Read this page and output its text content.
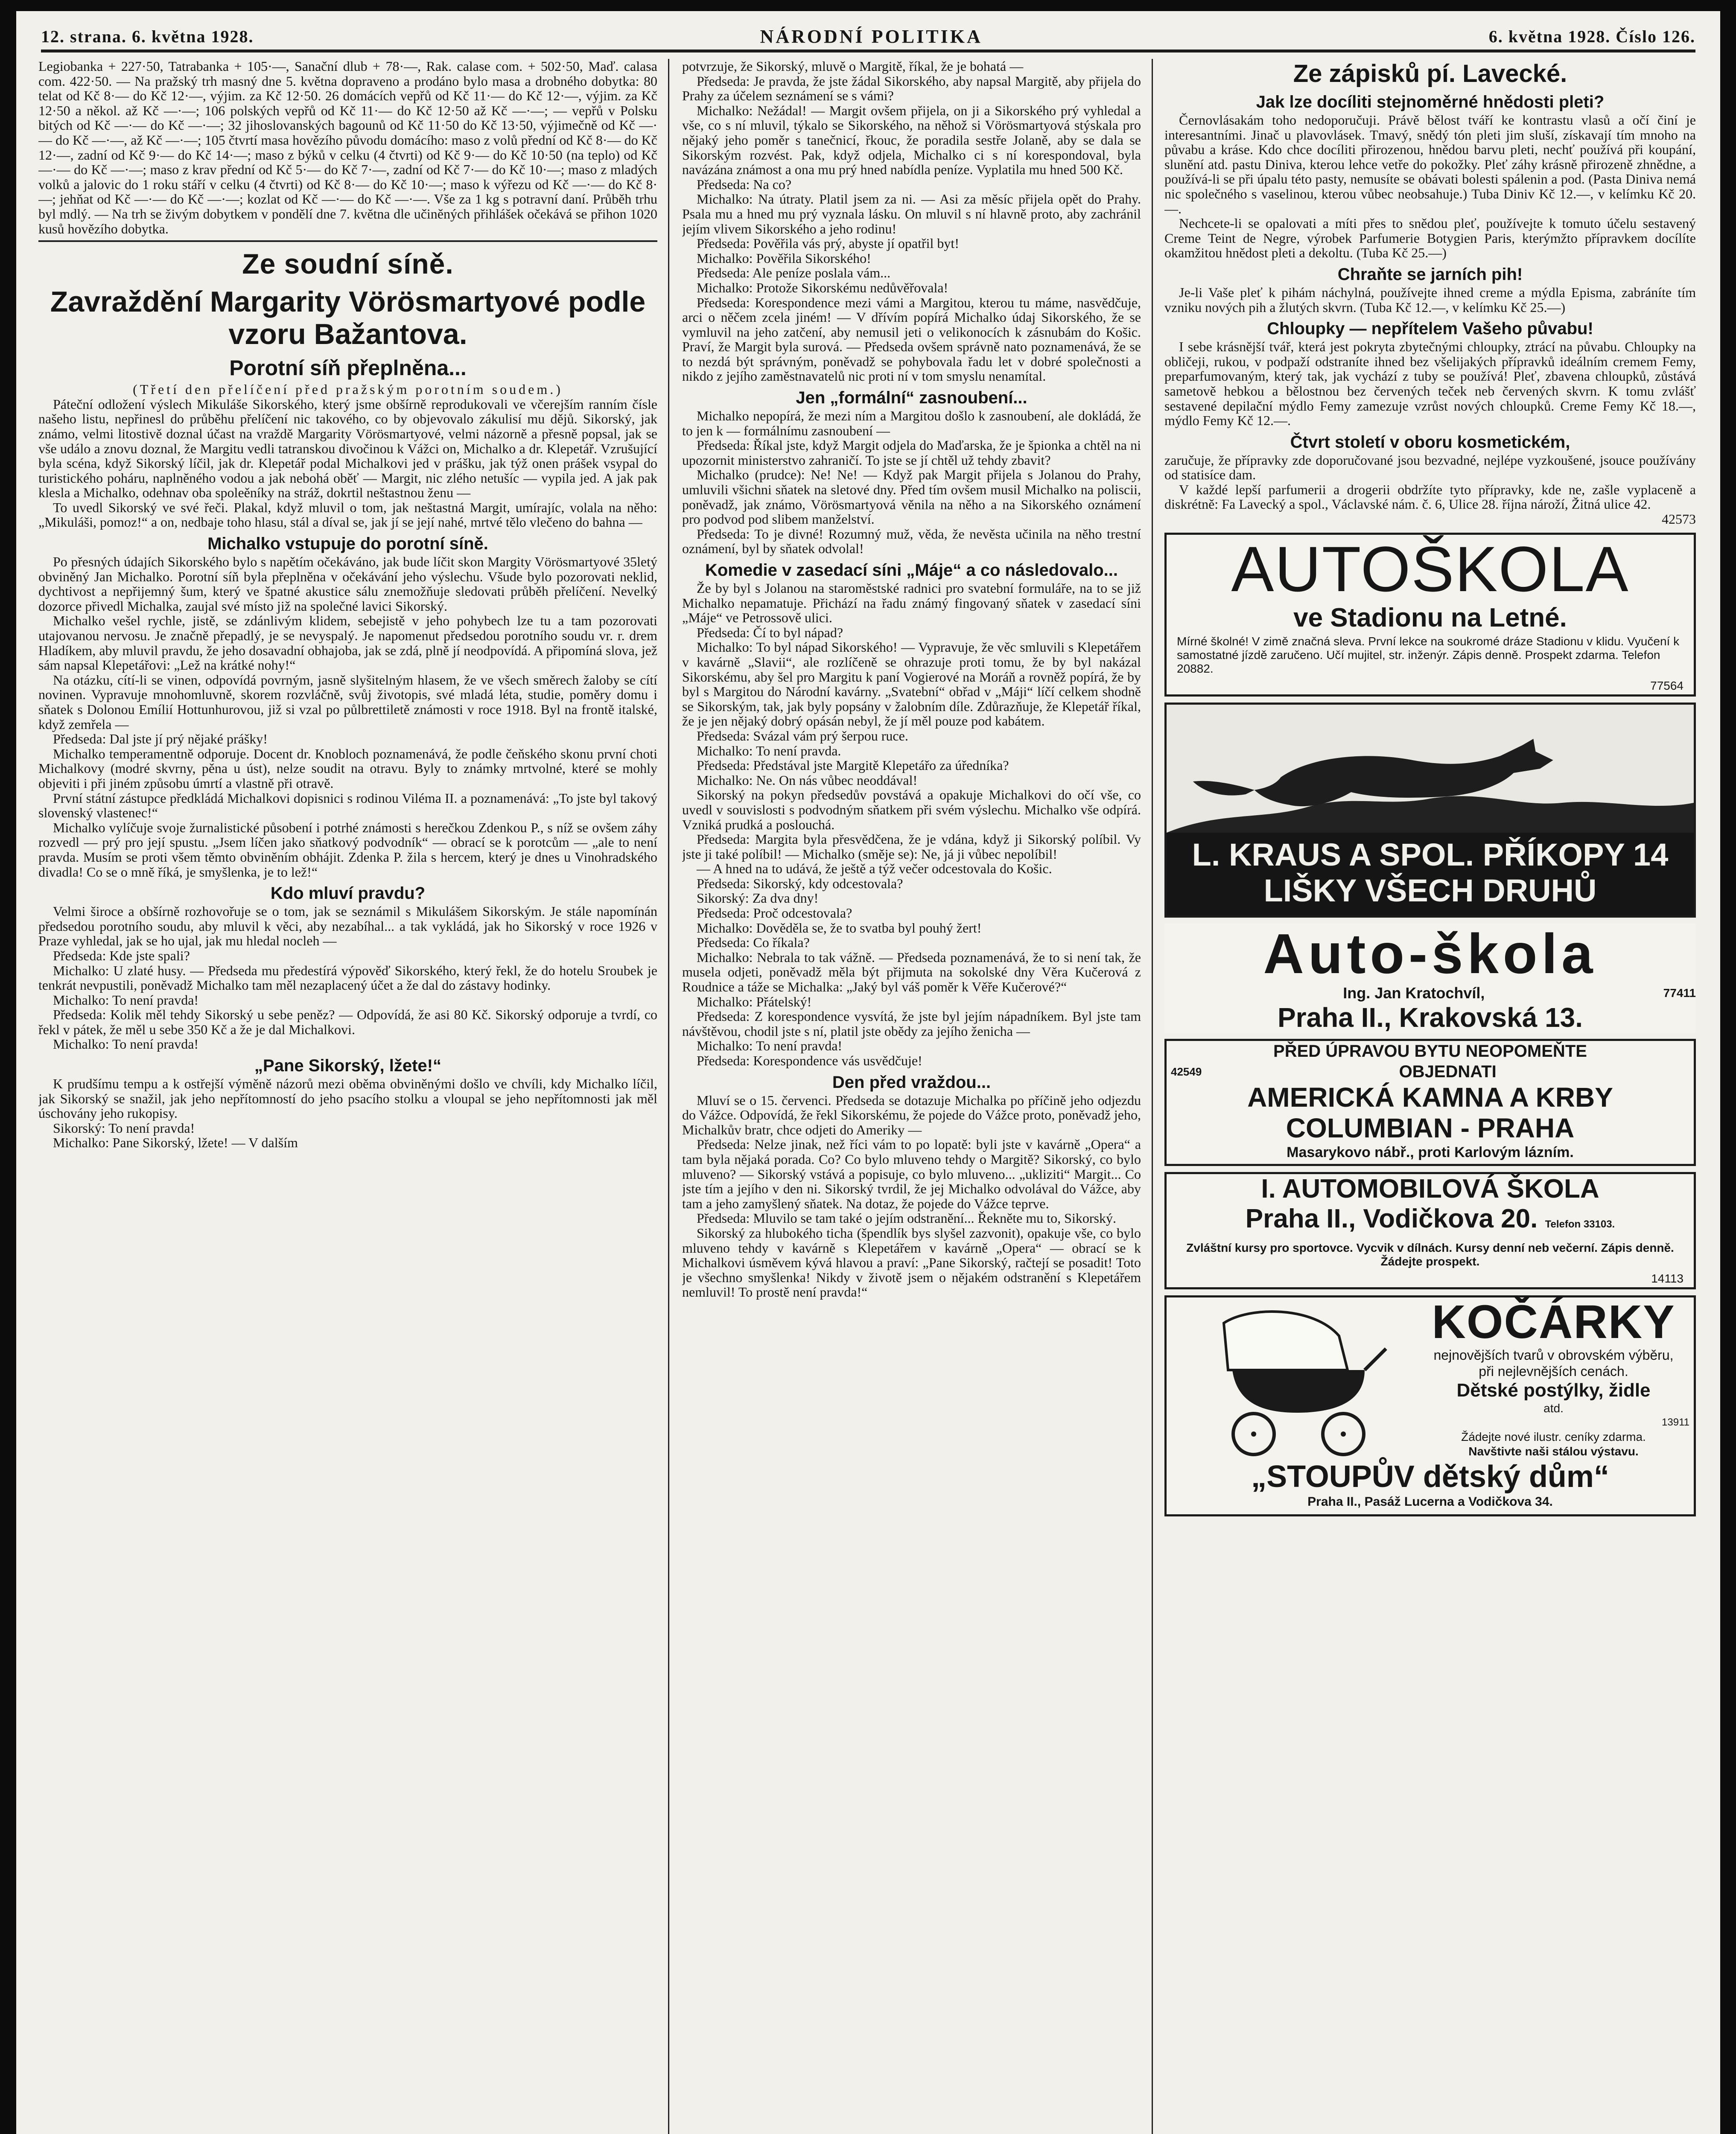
12. strana. 6. května 1928.	NÁRODNÍ POLITIKA	6. května 1928. Číslo 126.

Legiobanka + 227·50, Tatrabanka + 105·—, Sanační dlub + 78·—, Rak. calase com. + 502·50, Maď. calasa com. 422·50. — Na pražský trh masný dne 5. května dopraveno a prodáno bylo masa a drobného dobytka: 80 telat od Kč 8·— do Kč 12·—, výjim. za Kč 12·50. 26 domácích vepřů od Kč 11·— do Kč 12·—, výjim. za Kč 12·50 a někol. až Kč —·—; 106 polských vepřů od Kč 11·— do Kč 12·50 až Kč —·—; — vepřů v Polsku bitých od Kč —·— do Kč —·—; 32 jihoslovanských bagounů od Kč 11·50 do Kč 13·50, výjimečně od Kč —·— do Kč —·—, až Kč —·—; 105 čtvrtí masa hovězího původu domácího: maso z volů přední od Kč 8·— do Kč 12·—, zadní od Kč 9·— do Kč 14·—; maso z býků v celku (4 čtvrti) od Kč 9·— do Kč 10·50 (na teplo) od Kč —·— do Kč —·—; maso z krav přední od Kč 5·— do Kč 7·—, zadní od Kč 7·— do Kč 10·—; maso z mladých volků a jalovic do 1 roku stáří v celku (4 čtvrti) od Kč 8·— do Kč 10·—; maso k výřezu od Kč —·— do Kč 8·—; jehňat od Kč —·— do Kč —·—; kozlat od Kč —·— do Kč —·—. Vše za 1 kg s potravní daní. Průběh trhu byl mdlý. — Na trh se živým dobytkem v pondělí dne 7. května dle učiněných přihlášek očekává se přihon 1020 kusů hovězího dobytka.

Ze soudní síně.
Zavraždění Margarity Vörösmartyové podle vzoru Bažantova.
Porotní síň přeplněna...

(Třetí den přelíčení před pražským porotním soudem.)

Páteční odložení výslech Mikuláše Sikorského, který jsme obšírně reprodukovali ve včerejším ranním čísle našeho listu, nepřinesl do průběhu přelíčení nic takového, co by objevovalo zákulisí mu dějů. Sikorský, jak známo, velmi litostivě doznal účast na vraždě Margarity Vörösmartyové, velmi názorně a přesně popsal, jak se vše událo a znovu doznal, že Margitu vedli tatranskou divočinou k Vážci on, Michalko a dr. Klepetář. Vzrušující byla scéna, když Sikorský líčil, jak dr. Klepetář podal Michalkovi jed v prášku, jak týž onen prášek vsypal do turistického poháru, naplněného vodou a jak nebohá oběť — Margit, nic zlého netušíc — vypila jed. A jak pak klesla a Michalko, odehnav oba spoleěníky na stráž, dokrtil neštastnou ženu —

To uvedl Sikorský ve své řeči. Plakal, když mluvil o tom, jak neštastná Margit, umírajíc, volala na něho: „Mikuláši, pomoz!“ a on, nedbaje toho hlasu, stál a díval se, jak jí se její nahé, mrtvé tělo vlečeno do bahna —

Michalko vstupuje do porotní síně.

Po přesných údajích Sikorského bylo s napětím očekáváno, jak bude líčit skon Margity Vörösmartyové 35letý obviněný Jan Michalko. Porotní síň byla přeplněna v očekávání jeho výslechu. Všude bylo pozorovati neklid, dychtivost a nepřijemný šum, který ve špatné akustice sálu znemožňuje sledovati průběh přelíčení. Nevelký dozorce přivedl Michalka, zaujal své místo již na společné lavici Sikorský.

Michalko vešel rychle, jistě, se zdánlivým klidem, sebejistě v jeho pohybech lze tu a tam pozorovati utajovanou nervosu. Je značně přepadlý, je se nevyspalý. Je napomenut předsedou porotního soudu vr. r. drem Hladíkem, aby mluvil pravdu, že jeho dosavadní obhajoba, jak se zdá, plně jí neodpovídá. A připomíná slova, jež sám napsal Klepetářovi: „Lež na krátké nohy!“

Na otázku, cítí-li se vinen, odpovídá povrným, jasně slyšitelným hlasem, že ve všech směrech žaloby se cítí novinen. Vypravuje mnohomluvně, skorem rozvláčně, svůj životopis, své mladá léta, studie, poměry domu i sňatek s Dolonou Emílií Hottunhurovou, již si vzal po půlbrettiletě známosti v roce 1918. Byl na frontě italské, když zemřela —

Předseda: Dal jste jí prý nějaké prášky!

Michalko temperamentně odporuje. Docent dr. Knobloch poznamenává, že podle čeňského skonu první choti Michalkovy (modré skvrny, pěna u úst), nelze soudit na otravu. Byly to známky mrtvolné, které se mohly objeviti i při jiném způsobu úmrtí a vlastně při otravě.

První státní zástupce předkládá Michalkovi dopisnici s rodinou Viléma II. a poznamenává: „To jste byl takový slovenský vlastenec!“

Michalko vylíčuje svoje žurnalistické působení i potrhé známosti s herečkou Zdenkou P., s níž se ovšem záhy rozvedl — prý pro její spustu. „Jsem líčen jako sňatkový podvodník“ — obrací se k porotcům — „ale to není pravda. Musím se proti všem těmto obviněním obhájit. Zdenka P. žila s hercem, který je dnes u Vinohradského divadla! Co se o mně říká, je smyšlenka, je to lež!“

Kdo mluví pravdu?

Velmi široce a obšírně rozhovořuje se o tom, jak se seznámil s Mikulášem Sikorským. Je stále napomínán předsedou porotního soudu, aby mluvil k věci, aby nezabíhal... a tak vykládá, jak ho Sikorský v roce 1926 v Praze vyhledal, jak se ho ujal, jak mu hledal nocleh —

Předseda: Kde jste spali?

Michalko: U zlaté husy. — Předseda mu předestírá výpověď Sikorského, který řekl, že do hotelu Sroubek je tenkrát nevpustili, poněvadž Michalko tam měl nezaplacený účet a že dal do zástavy hodinky.

Michalko: To není pravda!

Předseda: Kolik měl tehdy Sikorský u sebe peněz? — Odpovídá, že asi 80 Kč. Sikorský odporuje a tvrdí, co řekl v pátek, že měl u sebe 350 Kč a že je dal Michalkovi.

Michalko: To není pravda!

„Pane Sikorský, lžete!“

K prudšímu tempu a k ostřejší výměně názorů mezi oběma obviněnými došlo ve chvíli, kdy Michalko líčil, jak Sikorský se snažil, jak jeho nepřítomností do jeho psacího stolku a vloupal se jeho nepřítomnosti jak měl úschovány jeho rukopisy.

Sikorský: To není pravda!

Michalko: Pane Sikorský, lžete! — V dalším

potvrzuje, že Sikorský, mluvě o Margitě, říkal, že je bohatá —

Předseda: Je pravda, že jste žádal Sikorského, aby napsal Margitě, aby přijela do Prahy za účelem seznámení se s vámi?

Michalko: Nežádal! — Margit ovšem přijela, on ji a Sikorského prý vyhledal a vše, co s ní mluvil, týkalo se Sikorského, na něhož si Vörösmartyová stýskala pro nějaký jeho poměr s tanečnicí, řkouc, že poradila sestře Jolaně, aby se dala se Sikorským rozvést. Pak, když odjela, Michalko ci s ní korespondoval, byla navázána známost a ona mu prý hned nabídla peníze. Vyplatila mu hned 500 Kč.

Předseda: Na co?

Michalko: Na útraty. Platil jsem za ni. — Asi za měsíc přijela opět do Prahy. Psala mu a hned mu prý vyznala lásku. On mluvil s ní hlavně proto, aby zachránil jejím vlivem Sikorského a jeho rodinu!

Předseda: Pověřila vás prý, abyste jí opatřil byt!

Michalko: Pověřila Sikorského!

Předseda: Ale peníze poslala vám...

Michalko: Protože Sikorskému nedůvěřovala!

Předseda: Korespondence mezi vámi a Margitou, kterou tu máme, nasvědčuje, arci o něčem zcela jiném! — V dřívím popírá Michalko údaj Sikorského, že se vymluvil na jeho zatčení, aby nemusil jeti o velikonocích k zásnubám do Košic. Praví, že Margit byla surová. — Předseda ovšem správně nato poznamenává, že se to nezdá být správným, poněvadž se pohybovala řadu let v dobré společnosti a nikdo z jejího zaměstnavatelů nic proti ní v tom smyslu nenamítal.

Jen „formální“ zasnoubení...

Michalko nepopírá, že mezi ním a Margitou došlo k zasnoubení, ale dokládá, že to jen k — formálnímu zasnoubení —

Předseda: Říkal jste, když Margit odjela do Maďarska, že je špionka a chtěl na ni upozornit ministerstvo zahraničí. To jste se jí chtěl už tehdy zbavit?

Michalko (prudce): Ne! Ne! — Když pak Margit přijela s Jolanou do Prahy, umluvili všichni sňatek na sletové dny. Před tím ovšem musil Michalko na poliscii, poněvadž, jak známo, Vörösmartyová věnila na něho a na Sikorského oznámení pro podvod pod slibem manželství.

Předseda: To je divné! Rozumný muž, věda, že nevěsta učinila na něho trestní oznámení, byl by sňatek odvolal!

Komedie v zasedací síni „Máje“ a co následovalo...

Že by byl s Jolanou na staroměstské radnici pro svatební formuláře, na to se již Michalko nepamatuje. Přichází na řadu známý fingovaný sňatek v zasedací síni „Máje“ ve Petrossově ulici.

Předseda: Čí to byl nápad?

Michalko: To byl nápad Sikorského! — Vypravuje, že věc smluvili s Klepetářem v kavárně „Slavii“, ale rozlíčeně se ohrazuje proti tomu, že by byl nakázal Sikorskému, aby šel pro Margitu k paní Vogierové na Moráň a rovněž popírá, že by byl s Margitou do Národní kavárny. „Svatební“ obřad v „Máji“ líčí celkem shodně se Sikorským, tak, jak byly popsány v žalobním díle. Zdůrazňuje, že Klepetář říkal, že je jen nějaký dobrý opásán nebyl, že jí měl pouze pod kabátem.

Předseda: Svázal vám prý šerpou ruce.

Michalko: To není pravda.

Předseda: Předstával jste Margitě Klepetářo za úředníka?

Michalko: Ne. On nás vůbec neoddával!

Sikorský na pokyn předsedův povstává a opakuje Michalkovi do očí vše, co uvedl v souvislosti s podvodným sňatkem při svém výslechu. Michalko vše odpírá. Vzniká prudká a poslouchá.

Předseda: Margita byla přesvědčena, že je vdána, když ji Sikorský políbil. Vy jste ji také políbil! — Michalko (směje se): Ne, já ji vůbec nepolíbil!

— A hned na to udává, že ještě a týž večer odcestovala do Košic.

Předseda: Sikorský, kdy odcestovala?

Sikorský: Za dva dny!

Předseda: Proč odcestovala?

Michalko: Dověděla se, že to svatba byl pouhý žert!

Předseda: Co říkala?

Michalko: Nebrala to tak vážně. — Předseda poznamenává, že to si není tak, že musela odjeti, poněvadž měla být přijmuta na sokolské dny Věra Kučerová z Roudnice a táže se Michalka: „Jaký byl váš poměr k Věře Kučerové?“

Michalko: Přátelský!

Předseda: Z korespondence vysvítá, že jste byl jejím nápadníkem. Byl jste tam návštěvou, chodil jste s ní, platil jste obědy za jejího ženicha —

Michalko: To není pravda!

Předseda: Korespondence vás usvědčuje!

Den před vraždou...

Mluví se o 15. červenci. Předseda se dotazuje Michalka po příčině jeho odjezdu do Vážce. Odpovídá, že řekl Sikorskému, že pojede do Vážce proto, poněvadž jeho, Michalkův bratr, chce odjeti do Ameriky —

Předseda: Nelze jinak, než říci vám to po lopatě: byli jste v kavárně „Opera“ a tam byla nějaká porada. Co? Co bylo mluveno tehdy o Margitě? Sikorský, co bylo mluveno? — Sikorský vstává a popisuje, co bylo mluveno... „ukliziti“ Margit... Co jste tím a jejího v den ni. Sikorský tvrdil, že jej Michalko odvolával do Vážce, aby tam a jeho zamyšlený sňatek. Na dotaz, že pojede do Vážce teprve.

Předseda: Mluvilo se tam také o jejím odstranění... Řekněte mu to, Sikorský.

Sikorský za hlubokého ticha (špendlík bys slyšel zazvonit), opakuje vše, co bylo mluveno tehdy v kavárně s Klepetářem v kavárně „Opera“ — obrací se k Michalkovi úsměvem kývá hlavou a praví: „Pane Sikorský, račtejí se posadit! Toto je všechno smyšlenka! Nikdy v životě jsem o nějakém odstranění s Klepetářem nemluvil! To prostě není pravda!“

Ze zápisků pí. Lavecké.
Jak lze docíliti stejnoměrné hnědosti pleti?

Černovlásakám toho nedoporučuji. Právě bělost tváří ke kontrastu vlasů a očí činí je interesantními. Jinač u plavovlásek. Tmavý, snědý tón pleti jim sluší, získavají tím mnoho na půvabu a kráse. Kdo chce docíliti přirozenou, hnědou barvu pleti, nechť používá při koupání, slunění atd. pastu Diniva, kterou lehce vetře do pokožky. Pleť záhy krásně přirozeně zhnědne, a používá-li se při úpalu této pasty, nemusíte se obávati bolesti spálenin a pod. (Pasta Diniva nemá nic společného s vaselinou, kterou vůbec neobsahuje.) Tuba Diniv Kč 12.—, v kelímku Kč 20.—.

Nechcete-li se opalovati a míti přes to snědou pleť, používejte k tomuto účelu sestavený Creme Teint de Negre, výrobek Parfumerie Botygien Paris, kterýmžto přípravkem docílíte okamžitou hnědost pleti a dekoltu. (Tuba Kč 25.—)

Chraňte se jarních pih!

Je-li Vaše pleť k pihám náchylná, používejte ihned creme a mýdla Episma, zabráníte tím vzniku nových pih a žlutých skvrn. (Tuba Kč 12.—, v kelímku Kč 25.—)

Chloupky — nepřítelem Vašeho půvabu!

I sebe krásnější tvář, která jest pokryta zbytečnými chloupky, ztrácí na půvabu. Chloupky na obličeji, rukou, v podpaží odstraníte ihned bez všelijakých přípravků ideálním cremem Femy, preparfumovaným, který tak, jak vychází z tuby se používá! Pleť, zbavena chloupků, zůstává sametově hebkou a bělostnou bez červených teček neb červených skvrn. K tomu zvlášť sestavené depilační mýdlo Femy zamezuje vzrůst nových chloupků. Creme Femy Kč 18.—, mýdlo Femy Kč 12.—.

Čtvrt století v oboru kosmetickém,

zaručuje, že přípravky zde doporučované jsou bezvadné, nejlépe vyzkoušené, jsouce používány od statisíce dam.

V každé lepší parfumerii a drogerii obdržíte tyto přípravky, kde ne, zašle vyplaceně a diskrétně: Fa Lavecký a spol., Václavské nám. č. 6, Ulice 28. října nároží, Žitná ulice 42.

42573

AUTOŠKOLA
ve Stadionu na Letné.
Mírné školné! V zimě značná sleva. První lekce na soukromé dráze Stadionu v klidu. Vyučení k samostatné jízdě zaručeno. Učí mujitel, str. inženýr. Zápis denně. Prospekt zdarma. Telefon 20882.
77564
L. KRAUS A SPOL. PŘÍKOPY 14
LIŠKY VŠECH DRUHŮ
Auto-škola
Ing. Jan Kratochvíl,	77411
Praha II., Krakovská 13.
PŘED ÚPRAVOU BYTU NEOPOMEŇTE
42549	OBJEDNATI
AMERICKÁ KAMNA A KRBY
COLUMBIAN - PRAHA
Masarykovo nábř., proti Karlovým lázním.
I. AUTOMOBILOVÁ ŠKOLA
Praha II., Vodičkova 20. Telefon 33103.
Zvláštní kursy pro sportovce. Vycvik v dílnách. Kursy denní neb večerní. Zápis denně. Žádejte prospekt.
14113
KOČÁRKY
nejnovějších tvarů v obrovském výběru,
při nejlevnějších cenách.
Dětské postýlky, židle
atd.
13911
Žádejte nové ilustr. ceníky zdarma.
Navštivte naši stálou výstavu.
„STOUPŮV dětský dům“
Praha II., Pasáž Lucerna a Vodičkova 34.
